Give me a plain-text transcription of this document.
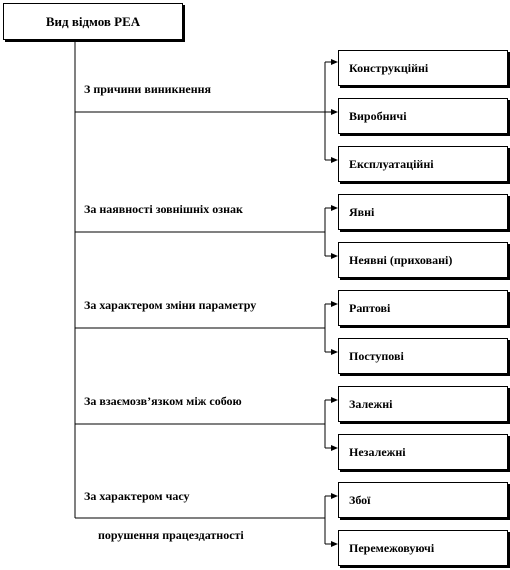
Вид відмов РЕА
З причини виникнення
За наявності зовнішніх ознак
За характером зміни параметру
За взаємозв’язком між собою
За характером часу
порушення працездатності
Конструкційні
Виробничі
Експлуатаційні
Явні
Неявні (приховані)
Раптові
Поступові
Залежні
Незалежні
Збої
Перемежовуючі
